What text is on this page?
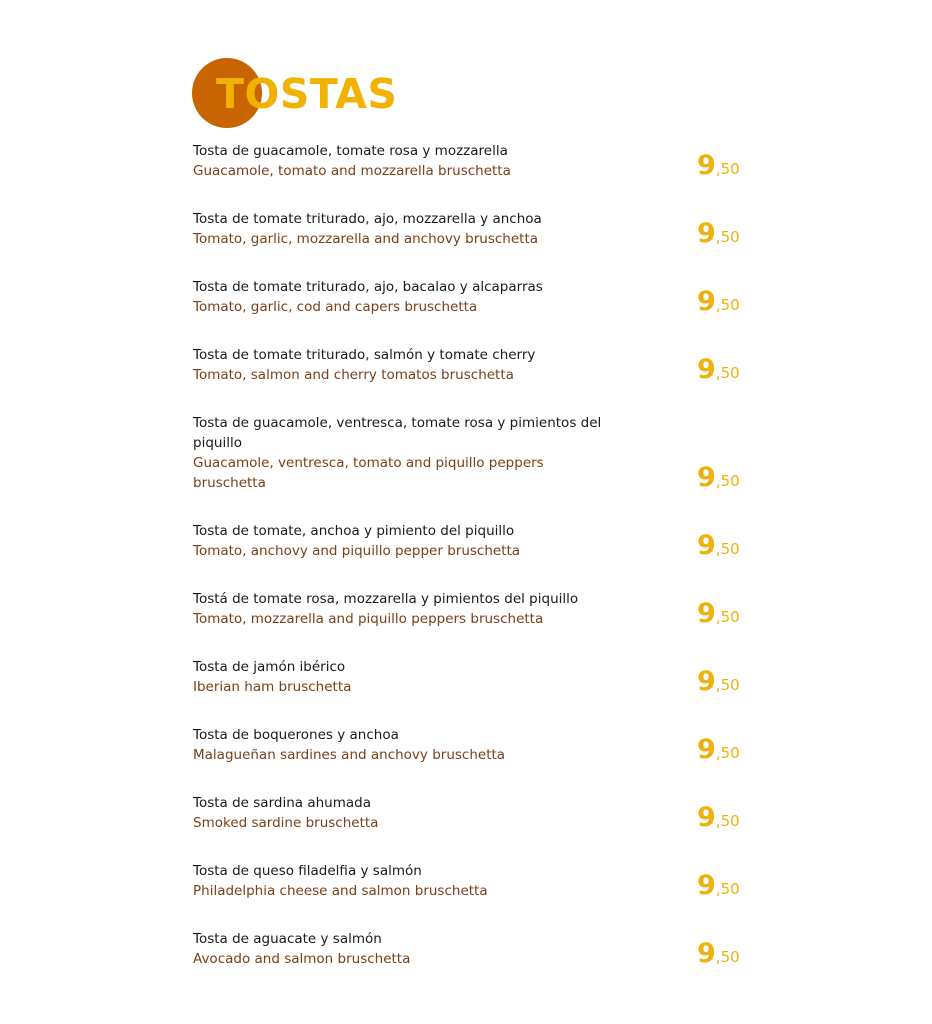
TOSTAS
Tosta de guacamole, tomate rosa y mozzarella
Guacamole, tomato and mozzarella bruschetta	9,50
Tosta de tomate triturado, ajo, mozzarella y anchoa
Tomato, garlic, mozzarella and anchovy bruschetta	9,50
Tosta de tomate triturado, ajo, bacalao y alcaparras
Tomato, garlic, cod and capers bruschetta	9,50
Tosta de tomate triturado, salmón y tomate cherry
Tomato, salmon and cherry tomatos bruschetta	9,50
Tosta de guacamole, ventresca, tomate rosa y pimientos del piquillo
Guacamole, ventresca, tomato and piquillo peppers bruschetta	9,50
Tosta de tomate, anchoa y pimiento del piquillo
Tomato, anchovy and piquillo pepper bruschetta	9,50
Tostá de tomate rosa, mozzarella y pimientos del piquillo
Tomato, mozzarella and piquillo peppers bruschetta	9,50
Tosta de jamón ibérico
Iberian ham bruschetta	9,50
Tosta de boquerones y anchoa
Malagueñan sardines and anchovy bruschetta	9,50
Tosta de sardina ahumada
Smoked sardine bruschetta	9,50
Tosta de queso filadelfia y salmón
Philadelphia cheese and salmon bruschetta	9,50
Tosta de aguacate y salmón
Avocado and salmon bruschetta	9,50
